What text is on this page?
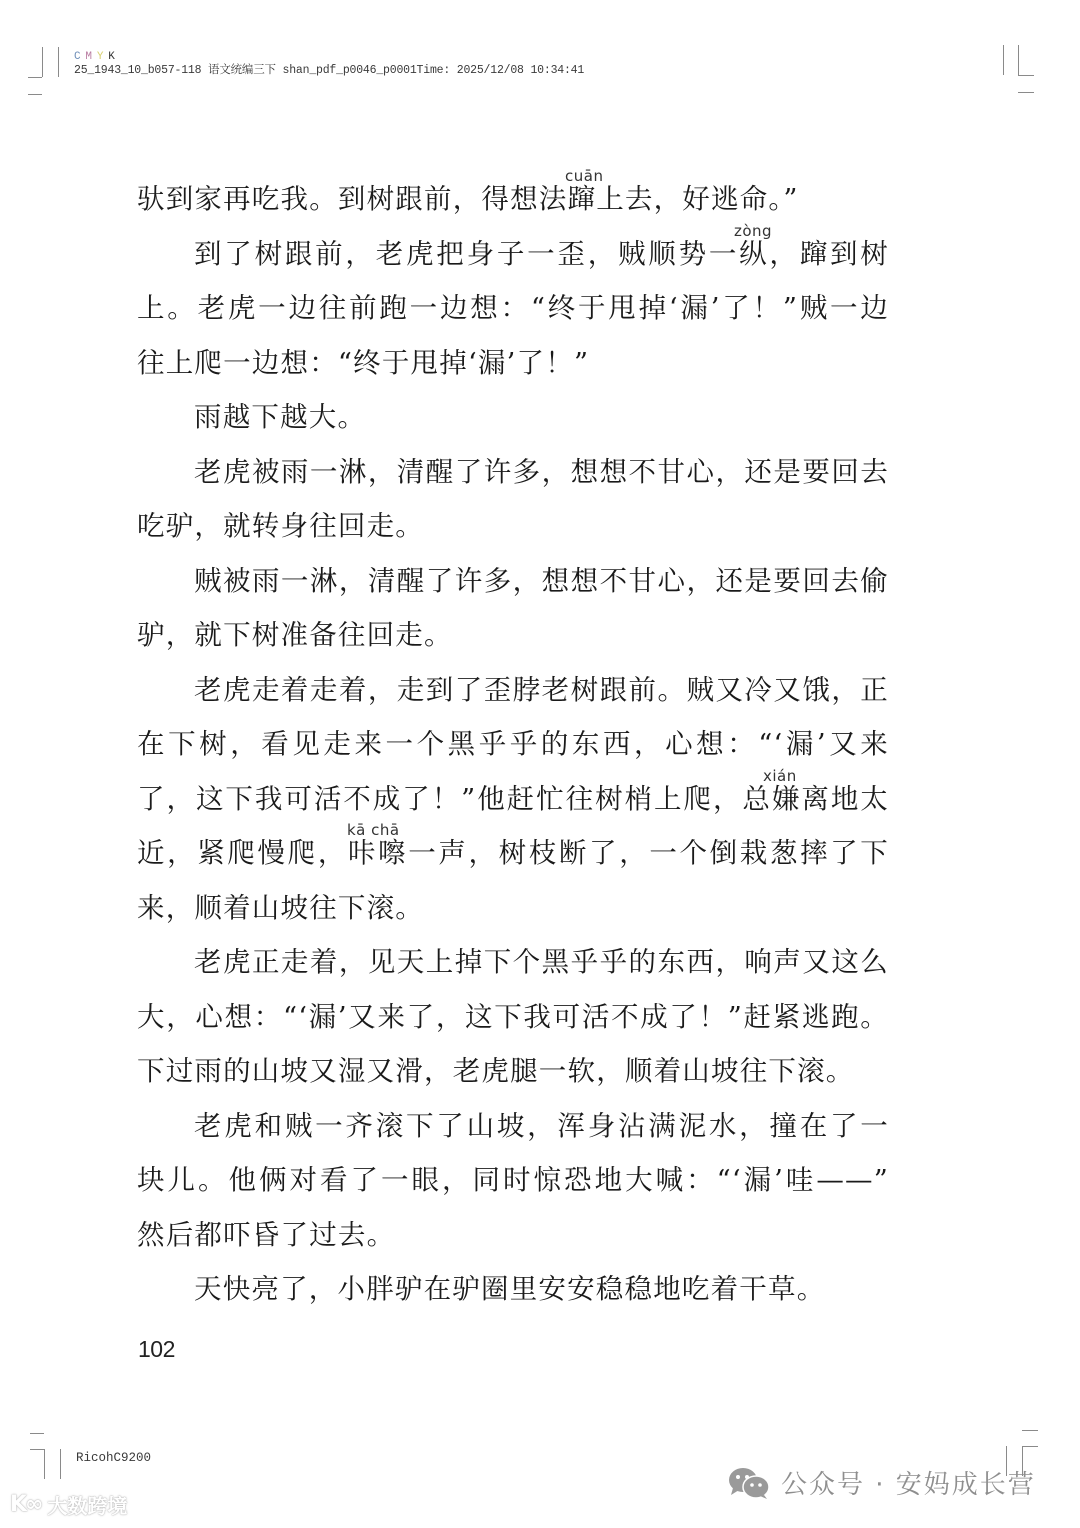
C M Y K
25_1943_10_b057-118 语文统编三下 shan_pdf_p0046_p0001Time: 2025/12/08 10:34:41
驮到家再吃我。到树跟前，得想法蹿上去，好逃命。”
到了树跟前，老虎把身子一歪，贼顺势一纵，蹿到树
上。老虎一边往前跑一边想：“终于甩掉‘漏’了！”贼一边
往上爬一边想：“终于甩掉‘漏’了！”
雨越下越大。
老虎被雨一淋，清醒了许多，想想不甘心，还是要回去
吃驴，就转身往回走。
贼被雨一淋，清醒了许多，想想不甘心，还是要回去偷
驴，就下树准备往回走。
老虎走着走着，走到了歪脖老树跟前。贼又冷又饿，正
在下树，看见走来一个黑乎乎的东西，心想：“‘漏’又来
了，这下我可活不成了！”他赶忙往树梢上爬，总嫌离地太
近，紧爬慢爬，咔嚓一声，树枝断了，一个倒栽葱摔了下
来，顺着山坡往下滚。
老虎正走着，见天上掉下个黑乎乎的东西，响声又这么
大，心想：“‘漏’又来了，这下我可活不成了！”赶紧逃跑。
下过雨的山坡又湿又滑，老虎腿一软，顺着山坡往下滚。
老虎和贼一齐滚下了山坡，浑身沾满泥水，撞在了一
块儿。他俩对看了一眼，同时惊恐地大喊：“‘漏’哇——”
然后都吓昏了过去。
天快亮了，小胖驴在驴圈里安安稳稳地吃着干草。
cuān
zòng
xián
kā chā
102
RicohC9200
K∞ 大数跨境
公众号 · 安妈成长营
